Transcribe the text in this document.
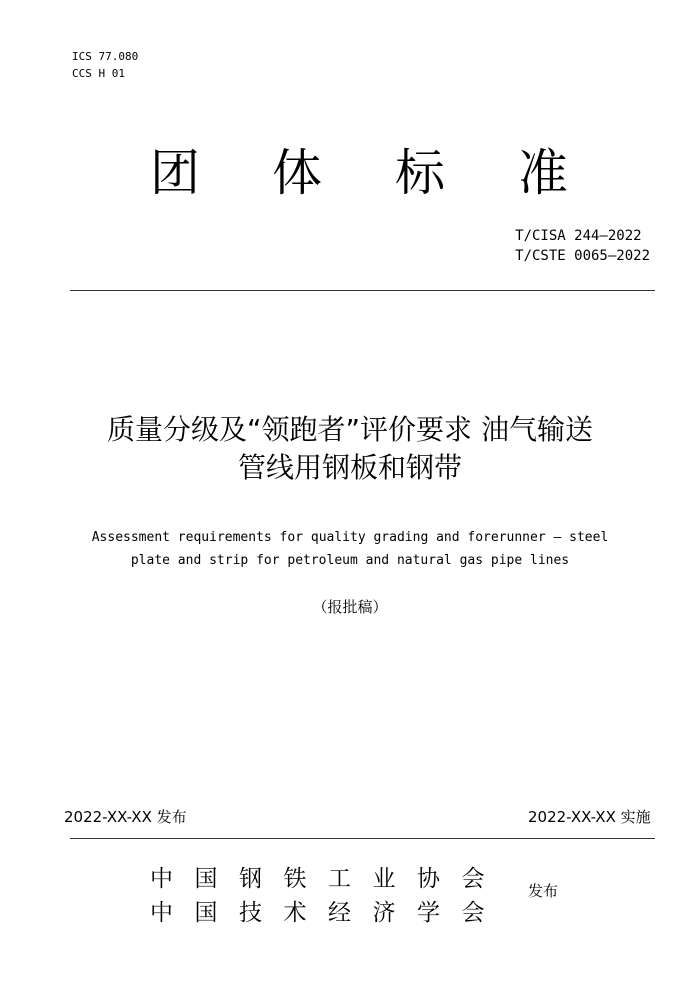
ICS 77.080
CCS H 01
团 体 标 准
T/CISA 244—2022
T/CSTE 0065—2022
质量分级及“领跑者”评价要求 油气输送
管线用钢板和钢带
Assessment requirements for quality grading and forerunner — steel
plate and strip for petroleum and natural gas pipe lines
（报批稿）
2022-XX-XX 发布	2022-XX-XX 实施
中 国 钢 铁 工 业 协 会
中 国 技 术 经 济 学 会
发布
